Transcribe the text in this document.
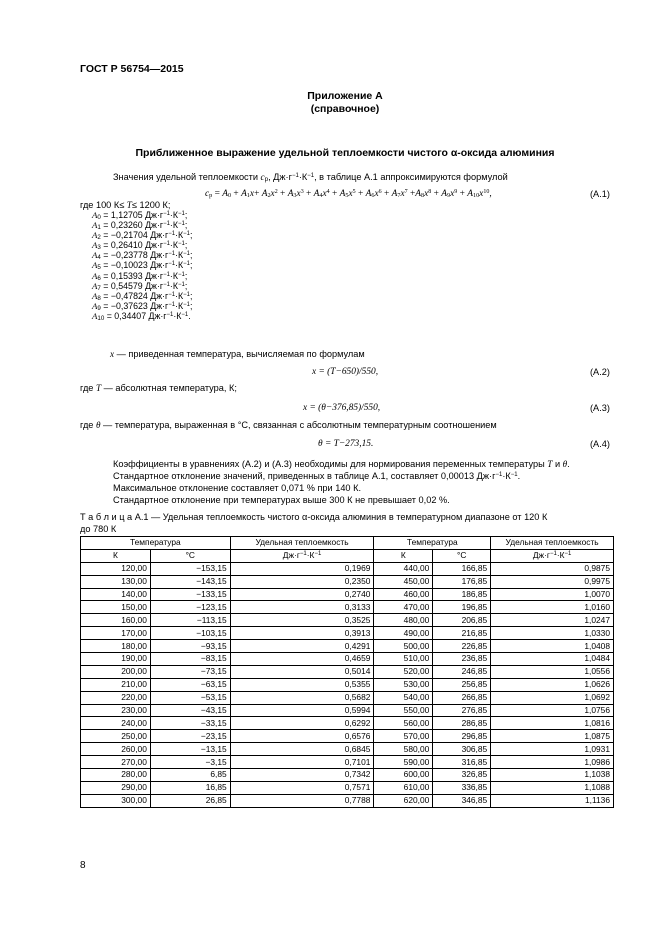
ГОСТ Р 56754—2015
Приложение А
(справочное)
Приближенное выражение удельной теплоемкости чистого α-оксида алюминия
Значения удельной теплоемкости $c_p$, $Дж\cdot г^{-1}\cdot К^{-1}$, в таблице А.1 аппроксимируются формулой
$c_p = A_0 + A_1x+ A_2x^2 + A_3x^3 + A_4x^4 + A_5x^5 + A_6x^6 + A_7x^7 +A_8x^8 + A_9x^9 + A_{10}x^{10}$,	(А.1)
где 100 К≤ T≤ 1200 К;
$A_0 = 1,12705$ $Дж\cdot г^{-1}\cdot К^{-1}$;
$A_1 = 0,23260$ $Дж\cdot г^{-1}\cdot К^{-1}$;
$A_2 = -0,21704$ $Дж\cdot г^{-1}\cdot К^{-1}$;
$A_3 = 0,26410$ $Дж\cdot г^{-1}\cdot К^{-1}$;
$A_4 = -0,23778$ $Дж\cdot г^{-1}\cdot К^{-1}$;
$A_5 = -0,10023$ $Дж\cdot г^{-1}\cdot К^{-1}$;
$A_6 = 0,15393$ $Дж\cdot г^{-1}\cdot К^{-1}$;
$A_7 = 0,54579$ $Дж\cdot г^{-1}\cdot К^{-1}$;
$A_8 = -0,47824$ $Дж\cdot г^{-1}\cdot К^{-1}$;
$A_9 = -0,37623$ $Дж\cdot г^{-1}\cdot К^{-1}$;
$A_{10} = 0,34407$ $Дж\cdot г^{-1}\cdot К^{-1}$.
x — приведенная температура, вычисляемая по формулам
x = (T−650)/550,	(А.2)
где T — абсолютная температура, К;
x = (θ−376,85)/550,	(А.3)
где θ — температура, выраженная в °С, связанная с абсолютным температурным соотношением
θ = T−273,15.	(А.4)
Коэффициенты в уравнениях (А.2) и (А.3) необходимы для нормирования переменных температуры T и θ.
Стандартное отклонение значений, приведенных в таблице А.1, составляет 0,00013 $Дж\cdot г^{-1}\cdot К^{-1}$.
Максимальное отклонение составляет 0,071 % при 140 К.
Стандартное отклонение при температурах выше 300 К не превышает 0,02 %.
Т а б л и ц а А.1 — Удельная теплоемкость чистого α-оксида алюминия в температурном диапазоне от 120 К
до 780 К
Температура		Удельная теплоемкость	Температура		Удельная теплоемкость
К	°С	$Дж\cdot г^{-1}\cdot К^{-1}$	К	°С	$Дж\cdot г^{-1}\cdot К^{-1}$
120,00	−153,15	0,1969	440,00	166,85	0,9875
130,00	−143,15	0,2350	450,00	176,85	0,9975
140,00	−133,15	0,2740	460,00	186,85	1,0070
150,00	−123,15	0,3133	470,00	196,85	1,0160
160,00	−113,15	0,3525	480,00	206,85	1,0247
170,00	−103,15	0,3913	490,00	216,85	1,0330
180,00	−93,15	0,4291	500,00	226,85	1,0408
190,00	−83,15	0,4659	510,00	236,85	1,0484
200,00	−73,15	0,5014	520,00	246,85	1,0556
210,00	−63,15	0,5355	530,00	256,85	1,0626
220,00	−53,15	0,5682	540,00	266,85	1,0692
230,00	−43,15	0,5994	550,00	276,85	1,0756
240,00	−33,15	0,6292	560,00	286,85	1,0816
250,00	−23,15	0,6576	570,00	296,85	1,0875
260,00	−13,15	0,6845	580,00	306,85	1,0931
270,00	−3,15	0,7101	590,00	316,85	1,0986
280,00	6,85	0,7342	600,00	326,85	1,1038
290,00	16,85	0,7571	610,00	336,85	1,1088
300,00	26,85	0,7788	620,00	346,85	1,1136
8
